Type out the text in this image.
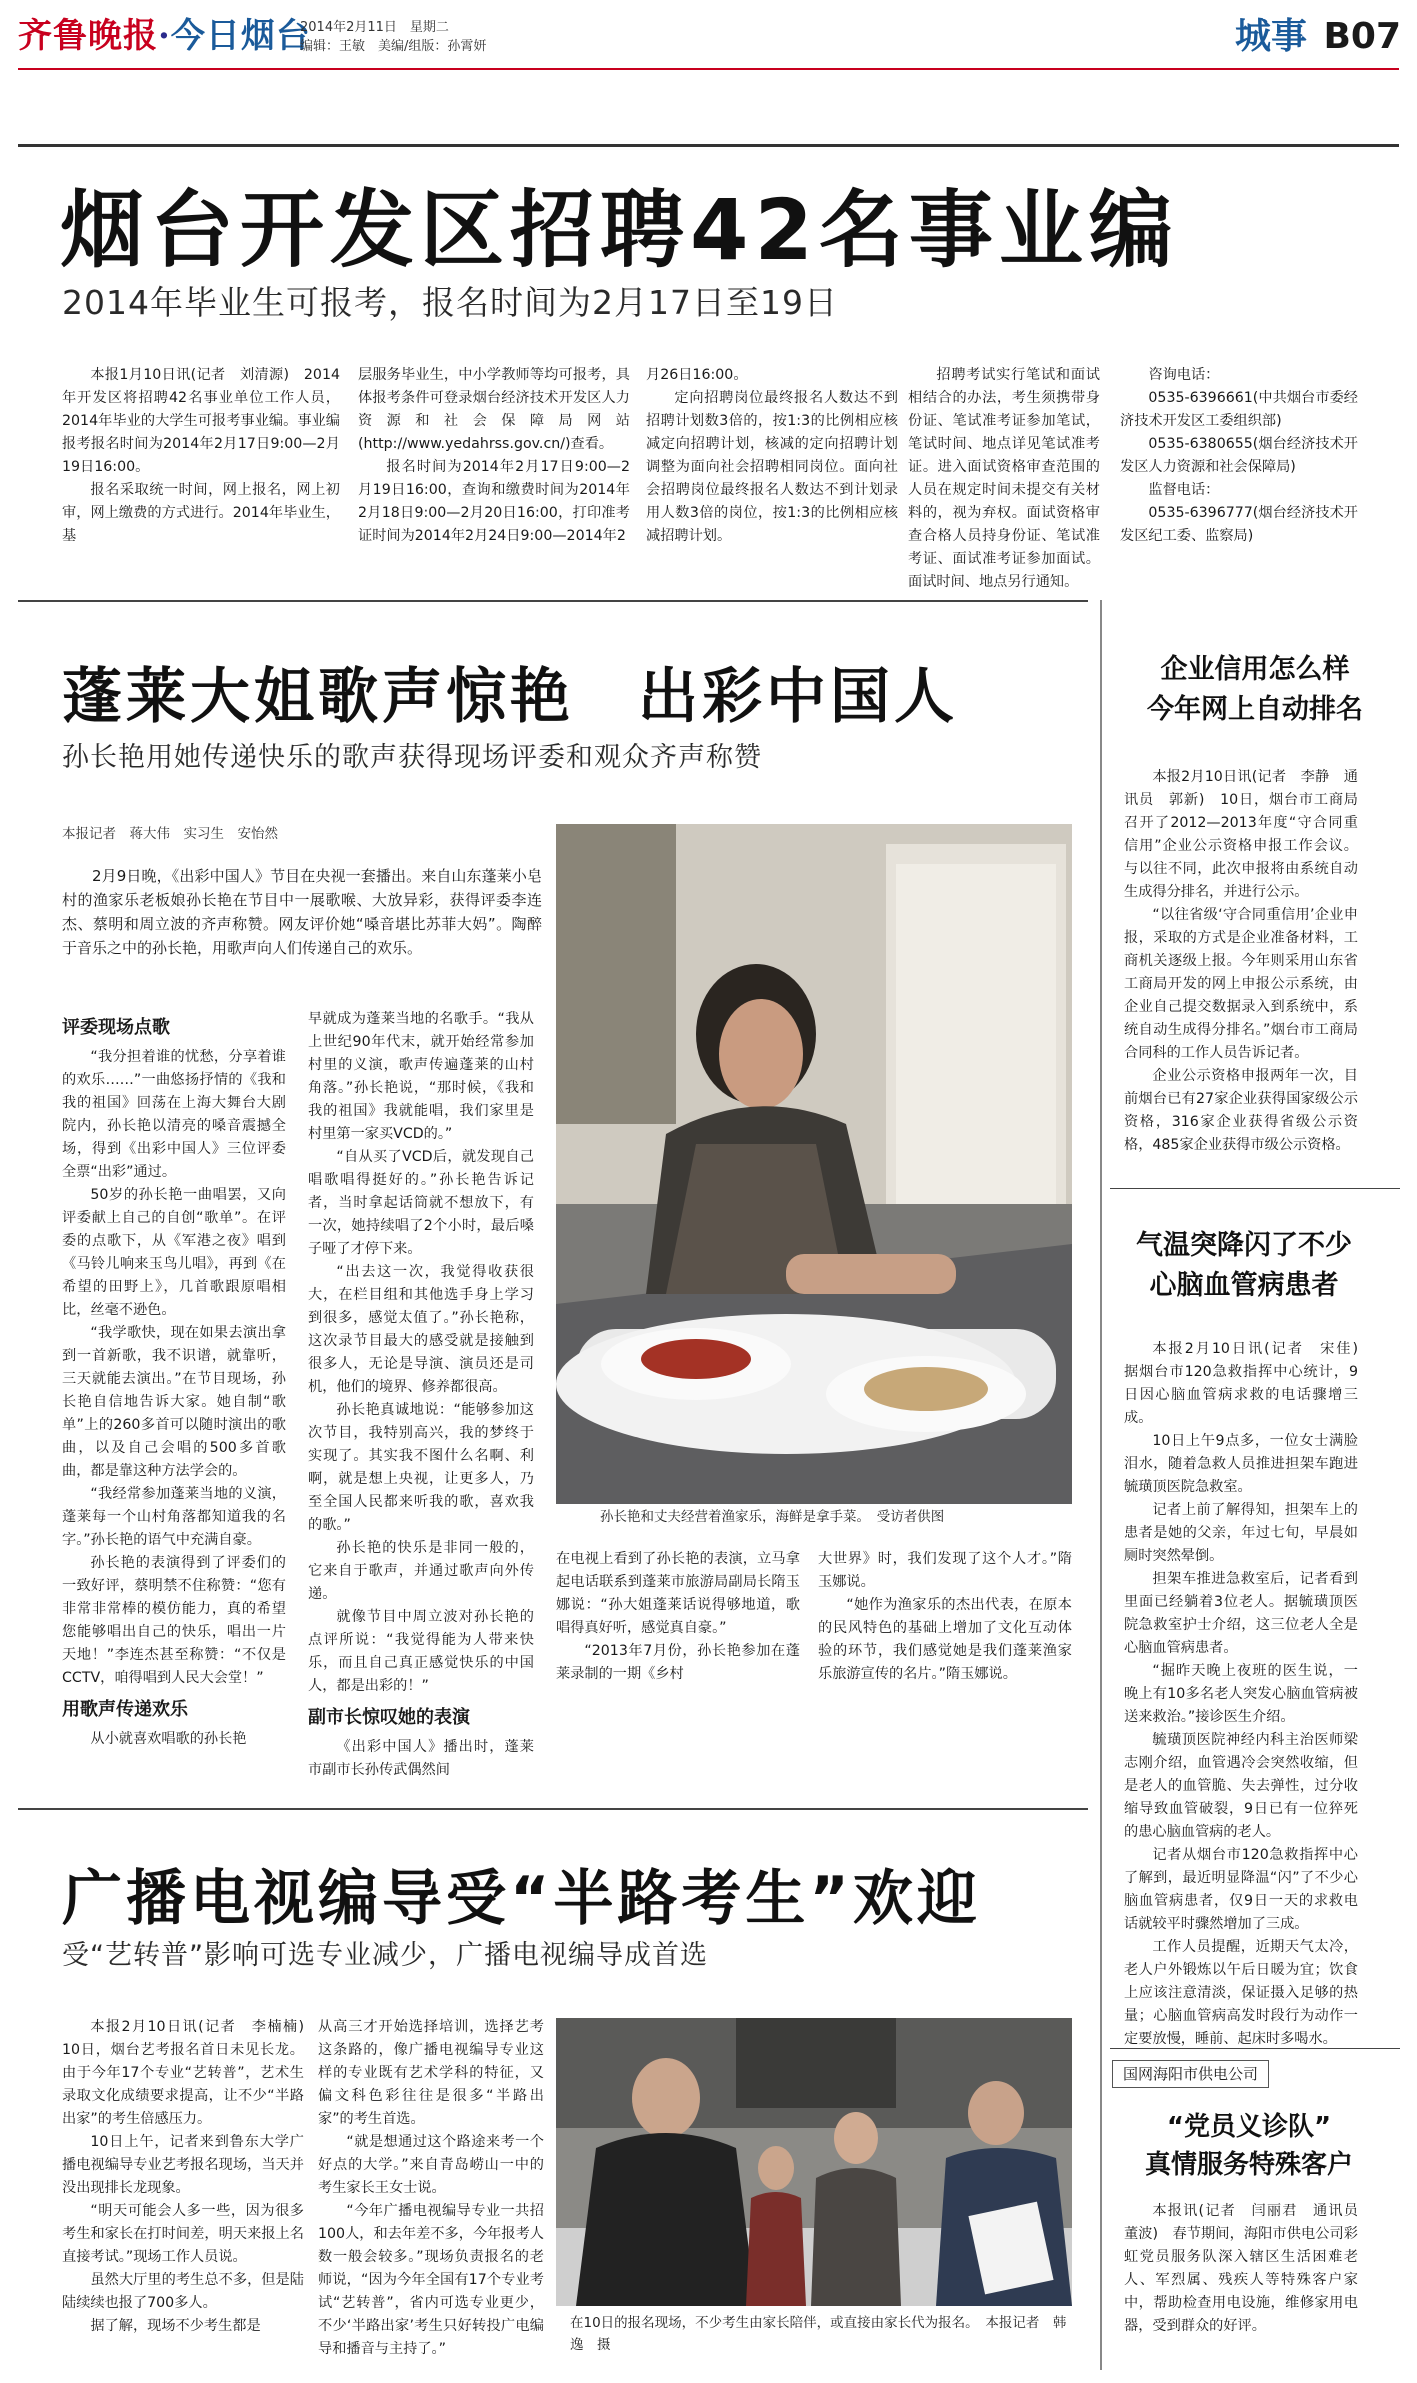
齐鲁晚报·今日烟台
2014年2月11日　星期二
编辑：王敏　美编/组版：孙霄妍	城事 B07
烟台开发区招聘42名事业编
2014年毕业生可报考，报名时间为2月17日至19日

本报1月10日讯(记者　刘清源)　2014年开发区将招聘42名事业单位工作人员，2014年毕业的大学生可报考事业编。事业编报考报名时间为2014年2月17日9:00—2月19日16:00。

报名采取统一时间，网上报名，网上初审，网上缴费的方式进行。2014年毕业生，基

层服务毕业生，中小学教师等均可报考，具体报考条件可登录烟台经济技术开发区人力资源和社会保障局网站(http://www.yedahrss.gov.cn/)查看。

报名时间为2014年2月17日9:00—2月19日16:00，查询和缴费时间为2014年2月18日9:00—2月20日16:00，打印准考证时间为2014年2月24日9:00—2014年2

月26日16:00。

定向招聘岗位最终报名人数达不到招聘计划数3倍的，按1:3的比例相应核减定向招聘计划，核减的定向招聘计划调整为面向社会招聘相同岗位。面向社会招聘岗位最终报名人数达不到计划录用人数3倍的岗位，按1:3的比例相应核减招聘计划。

招聘考试实行笔试和面试相结合的办法，考生须携带身份证、笔试准考证参加笔试，笔试时间、地点详见笔试准考证。进入面试资格审查范围的人员在规定时间未提交有关材料的，视为弃权。面试资格审查合格人员持身份证、笔试准考证、面试准考证参加面试。面试时间、地点另行通知。

咨询电话：

0535-6396661(中共烟台市委经济技术开发区工委组织部)

0535-6380655(烟台经济技术开发区人力资源和社会保障局)

监督电话：

0535-6396777(烟台经济技术开发区纪工委、监察局)

蓬莱大姐歌声惊艳　出彩中国人
孙长艳用她传递快乐的歌声获得现场评委和观众齐声称赞
本报记者　蒋大伟　实习生　安怡然

2月9日晚，《出彩中国人》节目在央视一套播出。来自山东蓬莱小皂村的渔家乐老板娘孙长艳在节目中一展歌喉、大放异彩，获得评委李连杰、蔡明和周立波的齐声称赞。网友评价她“嗓音堪比苏菲大妈”。陶醉于音乐之中的孙长艳，用歌声向人们传递自己的欢乐。

评委现场点歌

“我分担着谁的忧愁，分享着谁的欢乐……”一曲悠扬抒情的《我和我的祖国》回荡在上海大舞台大剧院内，孙长艳以清亮的嗓音震撼全场，得到《出彩中国人》三位评委全票“出彩”通过。

50岁的孙长艳一曲唱罢，又向评委献上自己的自创“歌单”。在评委的点歌下，从《军港之夜》唱到《马铃儿响来玉鸟儿唱》，再到《在希望的田野上》，几首歌跟原唱相比，丝毫不逊色。

“我学歌快，现在如果去演出拿到一首新歌，我不识谱，就靠听，三天就能去演出。”在节目现场，孙长艳自信地告诉大家。她自制“歌单”上的260多首可以随时演出的歌曲，以及自己会唱的500多首歌曲，都是靠这种方法学会的。

“我经常参加蓬莱当地的义演，蓬莱每一个山村角落都知道我的名字。”孙长艳的语气中充满自豪。

孙长艳的表演得到了评委们的一致好评，蔡明禁不住称赞：“您有非常非常棒的模仿能力，真的希望您能够唱出自己的快乐，唱出一片天地！”李连杰甚至称赞：“不仅是CCTV，咱得唱到人民大会堂！”

用歌声传递欢乐

从小就喜欢唱歌的孙长艳

早就成为蓬莱当地的名歌手。“我从上世纪90年代末，就开始经常参加村里的义演，歌声传遍蓬莱的山村角落。”孙长艳说，“那时候，《我和我的祖国》我就能唱，我们家里是村里第一家买VCD的。”

“自从买了VCD后，就发现自己唱歌唱得挺好的。”孙长艳告诉记者，当时拿起话筒就不想放下，有一次，她持续唱了2个小时，最后嗓子哑了才停下来。

“出去这一次，我觉得收获很大，在栏目组和其他选手身上学习到很多，感觉太值了。”孙长艳称，这次录节目最大的感受就是接触到很多人，无论是导演、演员还是司机，他们的境界、修养都很高。

孙长艳真诚地说：“能够参加这次节目，我特别高兴，我的梦终于实现了。其实我不图什么名啊、利啊，就是想上央视，让更多人，乃至全国人民都来听我的歌，喜欢我的歌。”

孙长艳的快乐是非同一般的，它来自于歌声，并通过歌声向外传递。

就像节目中周立波对孙长艳的点评所说：“我觉得能为人带来快乐，而且自己真正感觉快乐的中国人，都是出彩的！”

副市长惊叹她的表演

《出彩中国人》播出时，蓬莱市副市长孙传武偶然间

孙长艳和丈夫经营着渔家乐，海鲜是拿手菜。　受访者供图

在电视上看到了孙长艳的表演，立马拿起电话联系到蓬莱市旅游局副局长隋玉娜说：“孙大姐蓬莱话说得够地道，歌唱得真好听，感觉真自豪。”

“2013年7月份，孙长艳参加在蓬莱录制的一期《乡村

大世界》时，我们发现了这个人才。”隋玉娜说。

“她作为渔家乐的杰出代表，在原本的民风特色的基础上增加了文化互动体验的环节，我们感觉她是我们蓬莱渔家乐旅游宣传的名片。”隋玉娜说。

广播电视编导受“半路考生”欢迎
受“艺转普”影响可选专业减少，广播电视编导成首选

本报2月10日讯(记者　李楠楠)　10日，烟台艺考报名首日未见长龙。由于今年17个专业“艺转普”，艺术生录取文化成绩要求提高，让不少“半路出家”的考生倍感压力。

10日上午，记者来到鲁东大学广播电视编导专业艺考报名现场，当天并没出现排长龙现象。

“明天可能会人多一些，因为很多考生和家长在打时间差，明天来报上名直接考试。”现场工作人员说。

虽然大厅里的考生总不多，但是陆陆续续也报了700多人。

据了解，现场不少考生都是

从高三才开始选择培训，选择艺考这条路的，像广播电视编导专业这样的专业既有艺术学科的特征，又偏文科色彩往往是很多“半路出家”的考生首选。

“就是想通过这个路途来考一个好点的大学。”来自青岛崂山一中的考生家长王女士说。

“今年广播电视编导专业一共招100人，和去年差不多，今年报考人数一般会较多。”现场负责报名的老师说，“因为今年全国有17个专业考试“艺转普”，省内可选专业更少，不少‘半路出家’考生只好转投广电编导和播音与主持了。”

在10日的报名现场，不少考生由家长陪伴，或直接由家长代为报名。　本报记者　韩逸　摄
企业信用怎么样
今年网上自动排名

本报2月10日讯(记者　李静　通讯员　郭新)　10日，烟台市工商局召开了2012—2013年度“守合同重信用”企业公示资格申报工作会议。与以往不同，此次申报将由系统自动生成得分排名，并进行公示。

“以往省级‘守合同重信用’企业申报，采取的方式是企业准备材料，工商机关逐级上报。今年则采用山东省工商局开发的网上申报公示系统，由企业自己提交数据录入到系统中，系统自动生成得分排名。”烟台市工商局合同科的工作人员告诉记者。

企业公示资格申报两年一次，目前烟台已有27家企业获得国家级公示资格，316家企业获得省级公示资格，485家企业获得市级公示资格。

气温突降闪了不少
心脑血管病患者

本报2月10日讯(记者　宋佳)　据烟台市120急救指挥中心统计，9日因心脑血管病求救的电话骤增三成。

10日上午9点多，一位女士满脸泪水，随着急救人员推进担架车跑进毓璜顶医院急救室。

记者上前了解得知，担架车上的患者是她的父亲，年过七旬，早晨如厕时突然晕倒。

担架车推进急救室后，记者看到里面已经躺着3位老人。据毓璜顶医院急救室护士介绍，这三位老人全是心脑血管病患者。

“掘昨天晚上夜班的医生说，一晚上有10多名老人突发心脑血管病被送来救治。”接诊医生介绍。

毓璜顶医院神经内科主治医师梁志刚介绍，血管遇冷会突然收缩，但是老人的血管脆、失去弹性，过分收缩导致血管破裂，9日已有一位猝死的患心脑血管病的老人。

记者从烟台市120急救指挥中心了解到，最近明显降温“闪”了不少心脑血管病患者，仅9日一天的求救电话就较平时骤然增加了三成。

工作人员提醒，近期天气太冷，老人户外锻炼以午后日暖为宜；饮食上应该注意清淡，保证摄入足够的热量；心脑血管病高发时段行为动作一定要放慢，睡前、起床时多喝水。

国网海阳市供电公司
“党员义诊队”
真情服务特殊客户

本报讯(记者　闫丽君　通讯员　董波)　春节期间，海阳市供电公司彩虹党员服务队深入辖区生活困难老人、军烈属、残疾人等特殊客户家中，帮助检查用电设施，维修家用电器，受到群众的好评。
